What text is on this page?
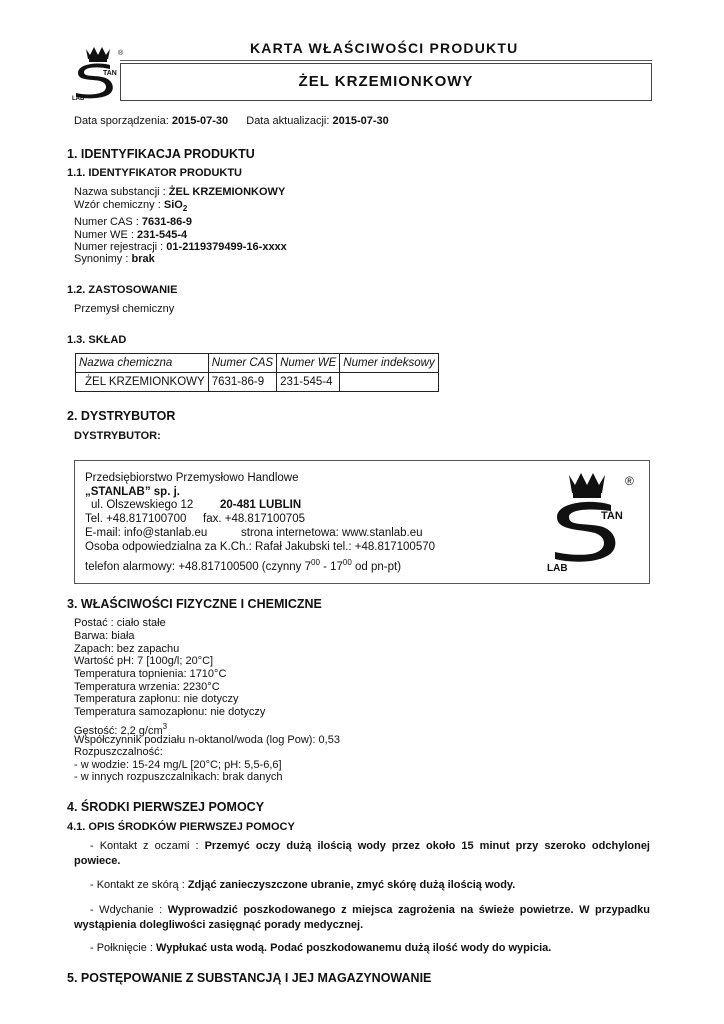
TAN
LAB
®	KARTA WŁAŚCIWOŚCI PRODUKTU
ŻEL KRZEMIONKOWY
Data sporządzenia: 2015-07-30 Data aktualizacji: 2015-07-30
1. IDENTYFIKACJA PRODUKTU
1.1. IDENTYFIKATOR PRODUKTU
Nazwa substancji : ŻEL KRZEMIONKOWY
Wzór chemiczny : SiO$_2$
Numer CAS : 7631-86-9
Numer WE : 231-545-4
Numer rejestracji : 01-2119379499-16-xxxx
Synonimy : brak
1.2. ZASTOSOWANIE
Przemysł chemiczny
1.3. SKŁAD
Nazwa chemiczna	Numer CAS	Numer WE	Numer indeksowy
ŻEL KRZEMIONKOWY	7631-86-9	231-545-4	
2. DYSTRYBUTOR
DYSTRYBUTOR:
Przedsiębiorstwo Przemysłowo Handlowe
„STANLAB” sp. j.
ul. Olszewskiego 12 20-481 LUBLIN
Tel. +48.817100700 fax. +48.817100705
E-mail: info@stanlab.eu	strona internetowa: www.stanlab.eu
Osoba odpowiedzialna za K.Ch.: Rafał Jakubski tel.: +48.817100570
telefon alarmowy: +48.817100500 (czynny $7^{00} - 17^{00}$ od pn-pt)
TAN
LAB
®
3. WŁAŚCIWOŚCI FIZYCZNE I CHEMICZNE
Postać : ciało stałe
Barwa: biała
Zapach: bez zapachu
Wartość pH: 7 [100g/l; 20°C]
Temperatura topnienia: 1710°C
Temperatura wrzenia: 2230°C
Temperatura zapłonu: nie dotyczy
Temperatura samozapłonu: nie dotyczy
Gęstość: 2,2 $g/cm^3$
Współczynnik podziału n-oktanol/woda (log Pow): 0,53
Rozpuszczalność:
- w wodzie: 15-24 mg/L [20°C; pH: 5,5-6,6]
- w innych rozpuszczalnikach: brak danych
4. ŚRODKI PIERWSZEJ POMOCY
4.1. OPIS ŚRODKÓW PIERWSZEJ POMOCY
- Kontakt z oczami : Przemyć oczy dużą ilością wody przez około 15 minut przy szeroko odchylonej powiece.
- Kontakt ze skórą : Zdjąć zanieczyszczone ubranie, zmyć skórę dużą ilością wody.
- Wdychanie : Wyprowadzić poszkodowanego z miejsca zagrożenia na świeże powietrze. W przypadku wystąpienia dolegliwości zasięgnąć porady medycznej.
- Połknięcie : Wypłukać usta wodą. Podać poszkodowanemu dużą ilość wody do wypicia.
5. POSTĘPOWANIE Z SUBSTANCJĄ I JEJ MAGAZYNOWANIE
